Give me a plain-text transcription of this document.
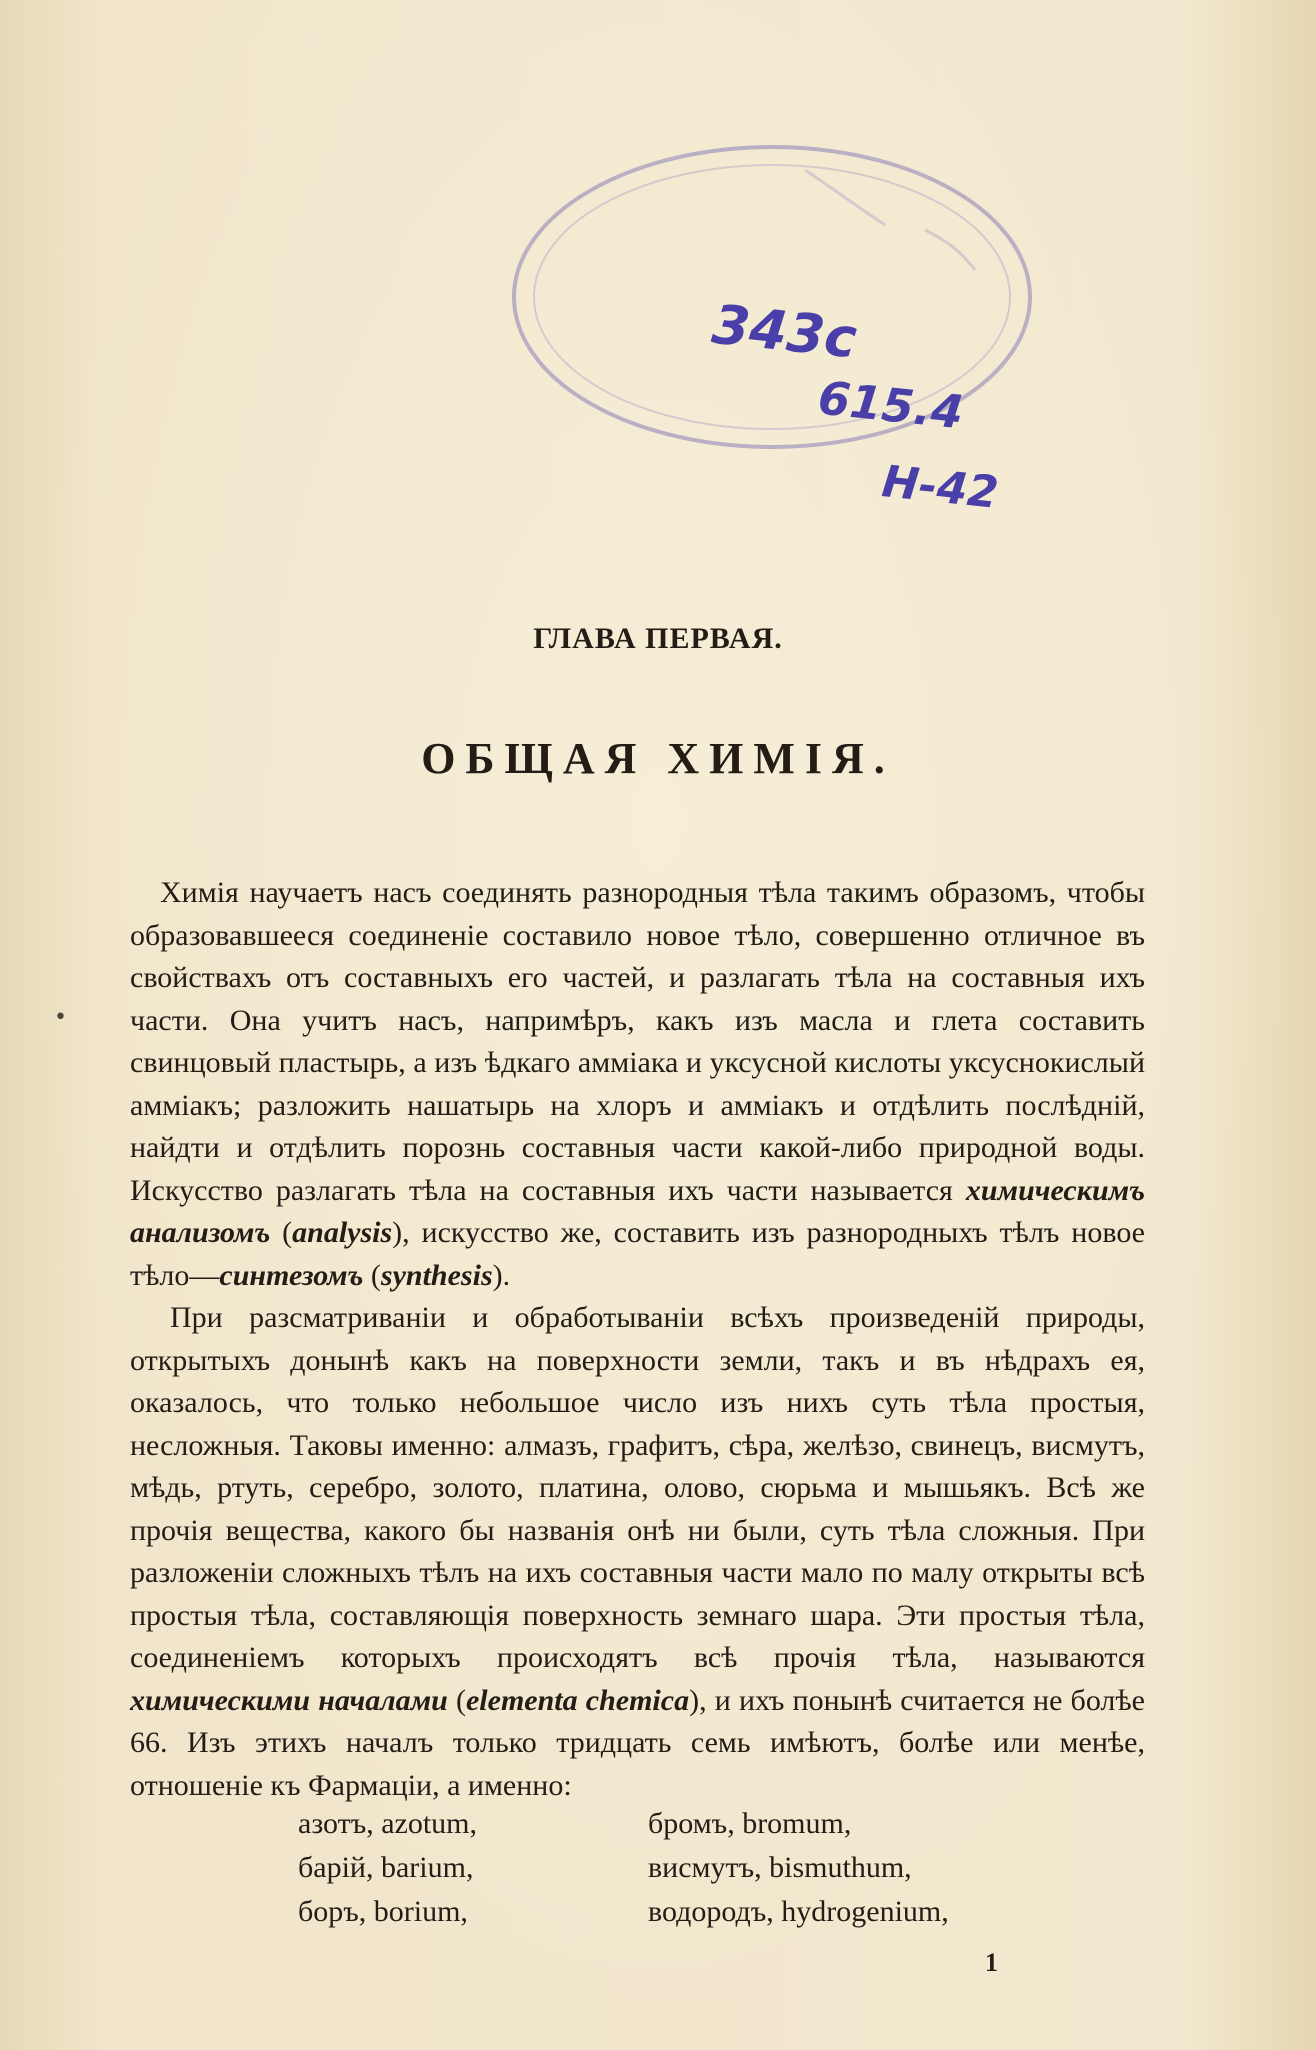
343с
615.4
Н-42
ГЛАВА ПЕРВАЯ.
ОБЩАЯ ХИМІЯ.

Химія научаетъ насъ соединять разнородныя тѣла такимъ образомъ, чтобы образовавшееся соединеніе составило новое тѣло, совершенно отличное въ свойствахъ отъ составныхъ его частей, и разлагать тѣла на составныя ихъ части. Она учитъ насъ, напримѣръ, какъ изъ масла и глета составить свинцовый пластырь, а изъ ѣдкаго амміака и уксусной кислоты уксуснокислый амміакъ; разложить нашатырь на хлоръ и амміакъ и отдѣлить послѣдній, найдти и отдѣлить порознь составныя части какой-либо природной воды. Искусство разлагать тѣла на составныя ихъ части называется химическимъ анализомъ (analysis), искусство же, составить изъ разнородныхъ тѣлъ новое тѣло—синтезомъ (synthesis).

При разсматриваніи и обработываніи всѣхъ произведеній природы, открытыхъ донынѣ какъ на поверхности земли, такъ и въ нѣдрахъ ея, оказалось, что только небольшое число изъ нихъ суть тѣла простыя, несложныя. Таковы именно: алмазъ, графитъ, сѣра, желѣзо, свинецъ, висмутъ, мѣдь, ртуть, серебро, золото, платина, олово, сюрьма и мышьякъ. Всѣ же прочія вещества, какого бы названія онѣ ни были, суть тѣла сложныя. При разложеніи сложныхъ тѣлъ на ихъ составныя части мало по малу открыты всѣ простыя тѣла, составляющія поверхность земнаго шара. Эти простыя тѣла, соединеніемъ которыхъ происходятъ всѣ прочія тѣла, называются химическими началами (elementa chemica), и ихъ понынѣ считается не болѣе 66. Изъ этихъ началъ только тридцать семь имѣютъ, болѣе или менѣе, отношеніе къ Фармаціи, а именно:

азотъ, azotum,	бромъ, bromum,
барій, barium,	висмутъ, bismuthum,
боръ, borium,	водородъ, hydrogenium,
1
•
